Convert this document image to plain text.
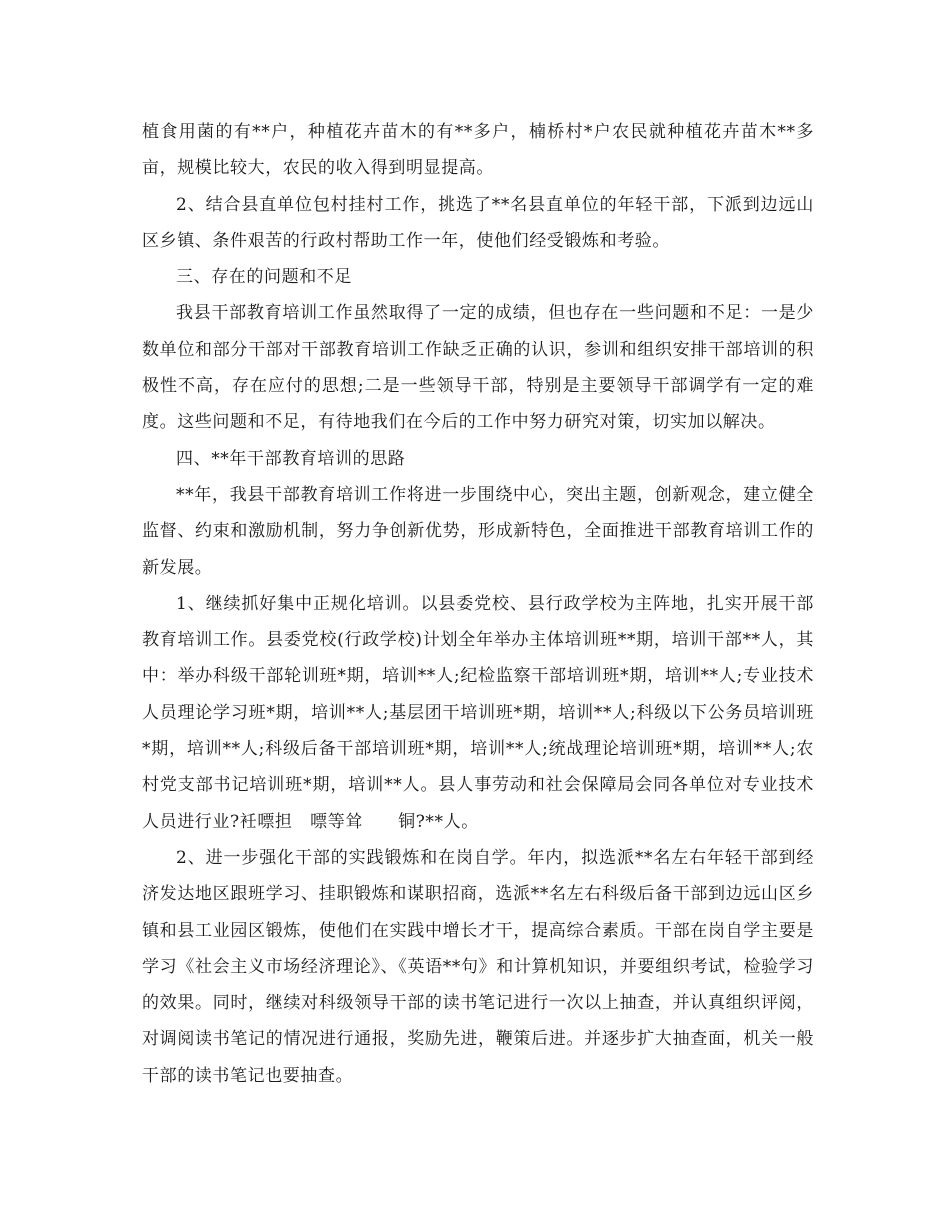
植食用菌的有**户，种植花卉苗木的有**多户，楠桥村*户农民就种植花卉苗木**多亩，规模比较大，农民的收入得到明显提高。

2、结合县直单位包村挂村工作，挑选了**名县直单位的年轻干部，下派到边远山区乡镇、条件艰苦的行政村帮助工作一年，使他们经受锻炼和考验。

三、存在的问题和不足

我县干部教育培训工作虽然取得了一定的成绩，但也存在一些问题和不足：一是少数单位和部分干部对干部教育培训工作缺乏正确的认识，参训和组织安排干部培训的积极性不高，存在应付的思想;二是一些领导干部，特别是主要领导干部调学有一定的难度。这些问题和不足，有待地我们在今后的工作中努力研究对策，切实加以解决。

四、**年干部教育培训的思路

**年，我县干部教育培训工作将进一步围绕中心，突出主题，创新观念，建立健全监督、约束和激励机制，努力争创新优势，形成新特色，全面推进干部教育培训工作的新发展。

1、继续抓好集中正规化培训。以县委党校、县行政学校为主阵地，扎实开展干部教育培训工作。县委党校(行政学校)计划全年举办主体培训班**期，培训干部**人，其中：举办科级干部轮训班*期，培训**人;纪检监察干部培训班*期，培训**人;专业技术人员理论学习班*期，培训**人;基层团干培训班*期，培训**人;科级以下公务员培训班*期，培训**人;科级后备干部培训班*期，培训**人;统战理论培训班*期，培训**人;农村党支部书记培训班*期，培训**人。县人事劳动和社会保障局会同各单位对专业技术人员进行业?衽嘌担　嘌等耸　　铜?**人。

2、进一步强化干部的实践锻炼和在岗自学。年内，拟选派**名左右年轻干部到经济发达地区跟班学习、挂职锻炼和谋职招商，选派**名左右科级后备干部到边远山区乡镇和县工业园区锻炼，使他们在实践中增长才干，提高综合素质。干部在岗自学主要是学习《社会主义市场经济理论》、《英语**句》和计算机知识，并要组织考试，检验学习的效果。同时，继续对科级领导干部的读书笔记进行一次以上抽查，并认真组织评阅，对调阅读书笔记的情况进行通报，奖励先进，鞭策后进。并逐步扩大抽查面，机关一般干部的读书笔记也要抽查。
